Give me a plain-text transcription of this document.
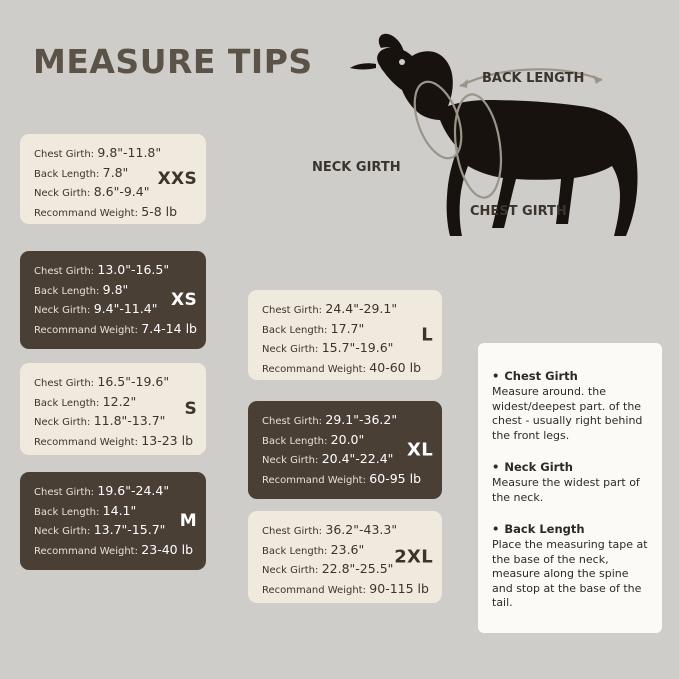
MEASURE TIPS	BACK LENGTH
NECK GIRTH
CHEST GIRTH
Chest Girth: 9.8"-11.8"
Back Length: 7.8"
Neck Girth: 8.6"-9.4"
Recommand Weight: 5-8 lb
XXS
Chest Girth: 13.0"-16.5"
Back Length: 9.8"
Neck Girth: 9.4"-11.4"
Recommand Weight: 7.4-14 lb
XS
Chest Girth: 16.5"-19.6"
Back Length: 12.2"
Neck Girth: 11.8"-13.7"
Recommand Weight: 13-23 lb
S
Chest Girth: 19.6"-24.4"
Back Length: 14.1"
Neck Girth: 13.7"-15.7"
Recommand Weight: 23-40 lb
M
Chest Girth: 24.4"-29.1"
Back Length: 17.7"
Neck Girth: 15.7"-19.6"
Recommand Weight: 40-60 lb
L
Chest Girth: 29.1"-36.2"
Back Length: 20.0"
Neck Girth: 20.4"-22.4"
Recommand Weight: 60-95 lb
XL
Chest Girth: 36.2"-43.3"
Back Length: 23.6"
Neck Girth: 22.8"-25.5"
Recommand Weight: 90-115 lb
2XL
• Chest Girth
Measure around. the widest/deepest part. of the chest - usually right behind the front legs.
• Neck Girth
Measure the widest part of the neck.
• Back Length
Place the measuring tape at the base of the neck, measure along the spine and stop at the base of the tail.
